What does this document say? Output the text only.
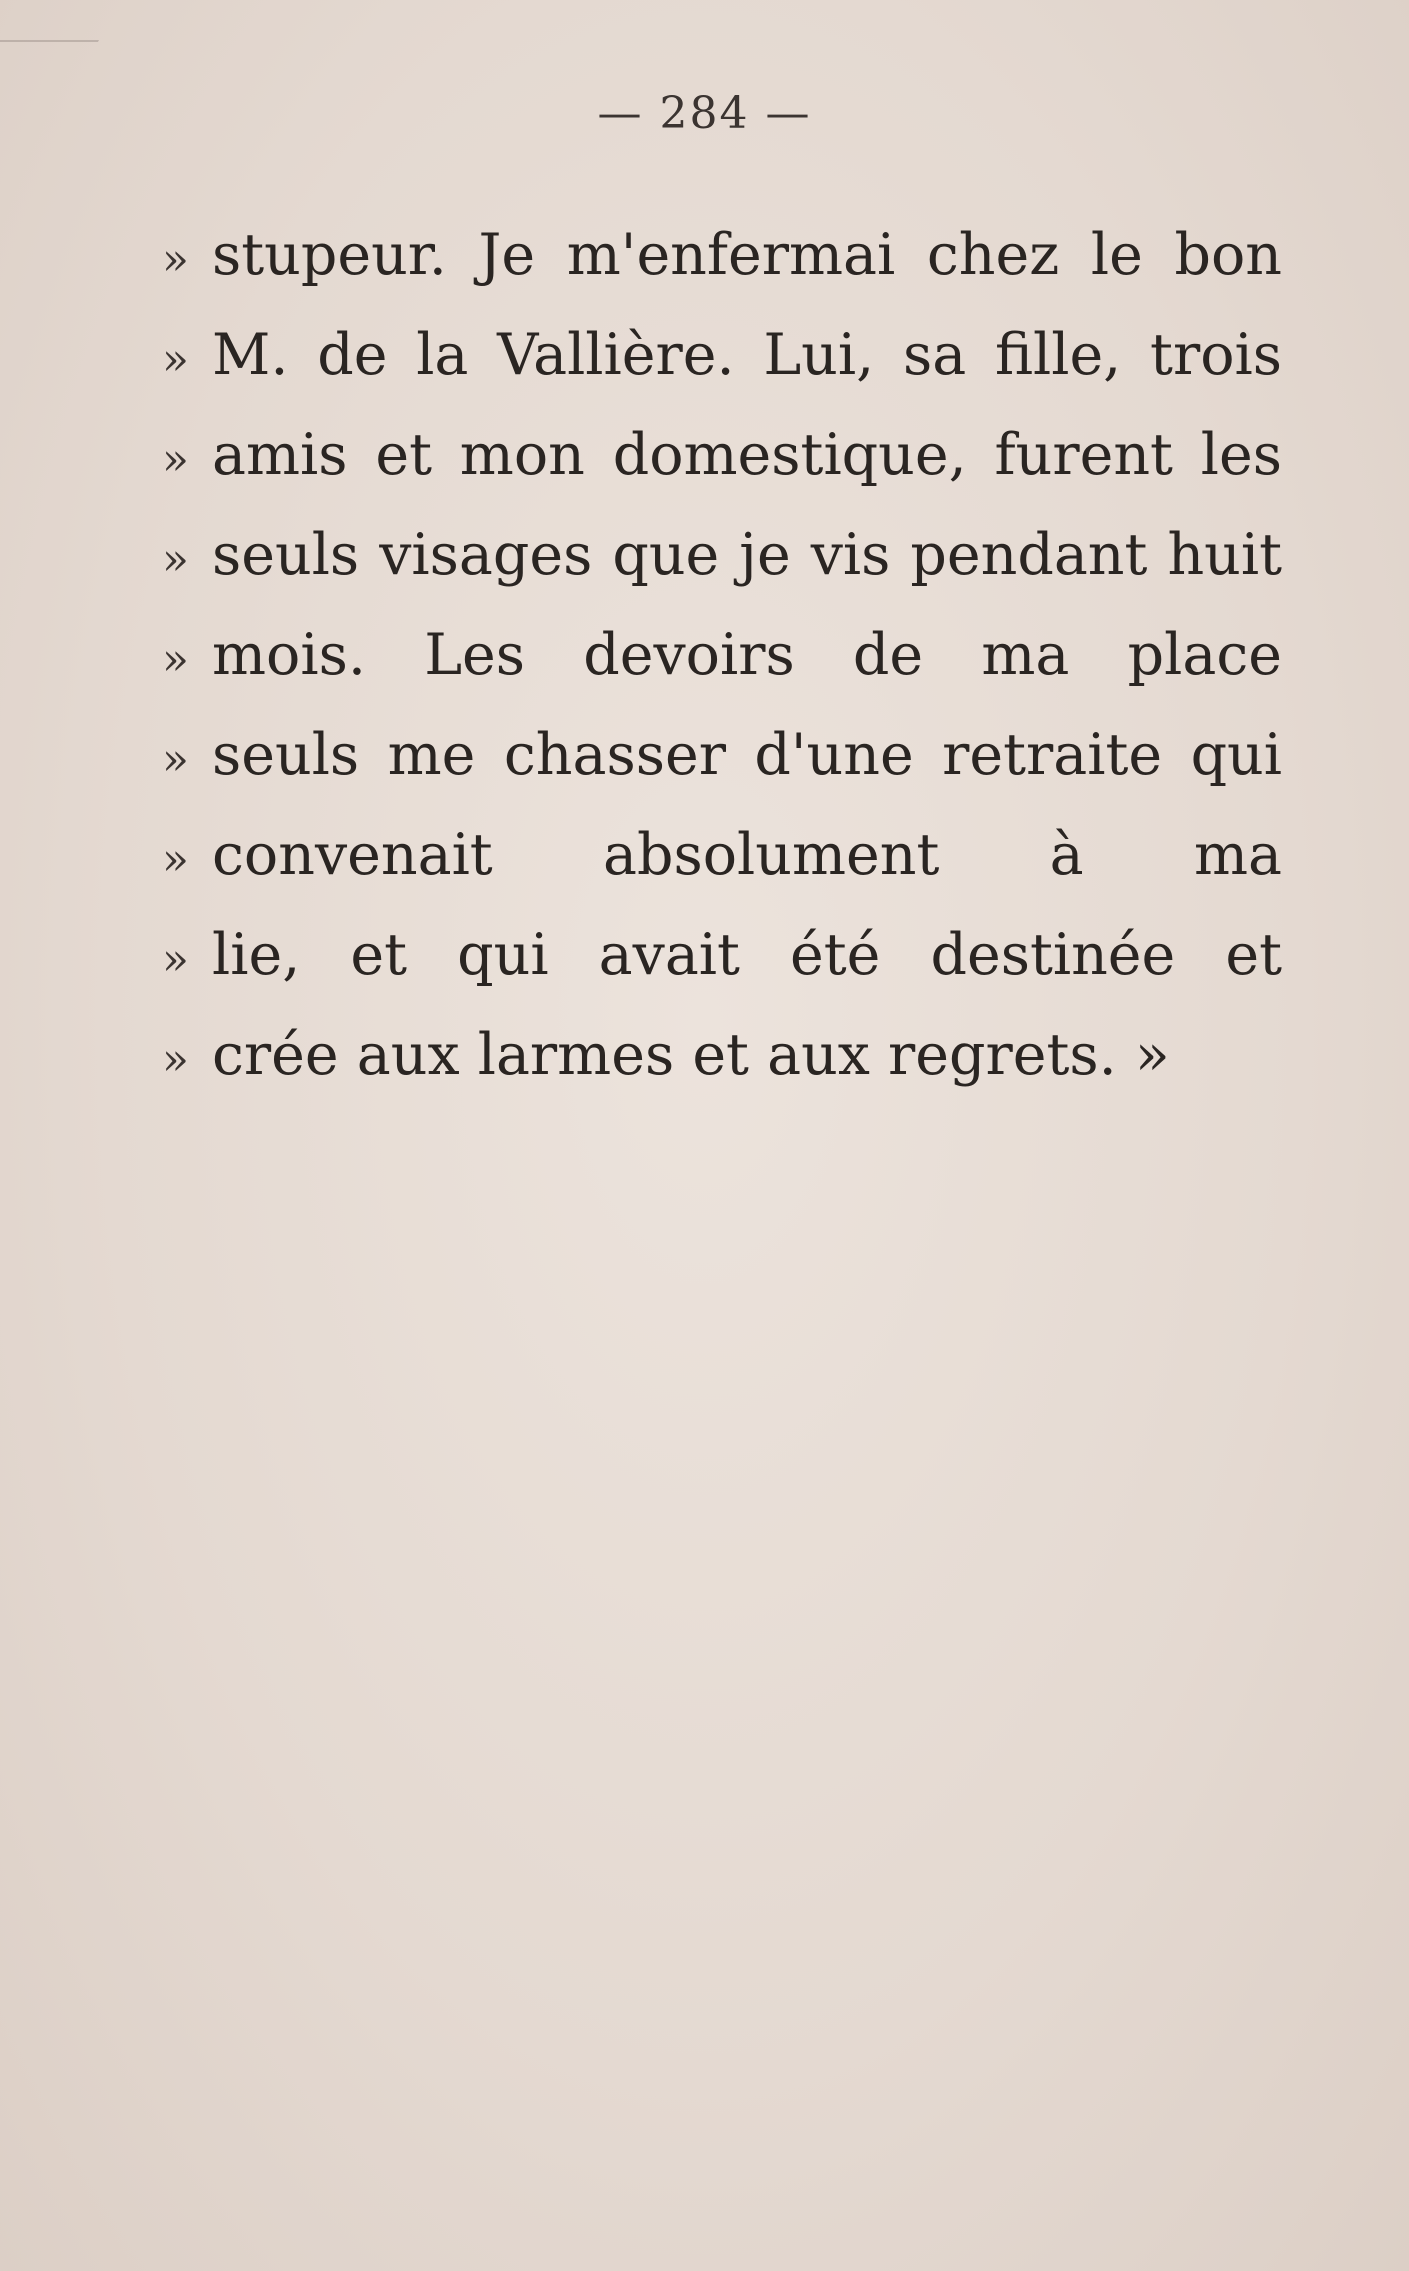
— 284 —
» stupeur. Je m'enfermai chez le bon
» M. de la Vallière. Lui, sa fille, trois
» amis et mon domestique, furent les
» seuls visages que je vis pendant huit
» mois. Les devoirs de ma place
» seuls me chasser d'une retraite qui
» convenait absolument à ma
» lie, et qui avait été destinée et
» crée aux larmes et aux regrets. »
